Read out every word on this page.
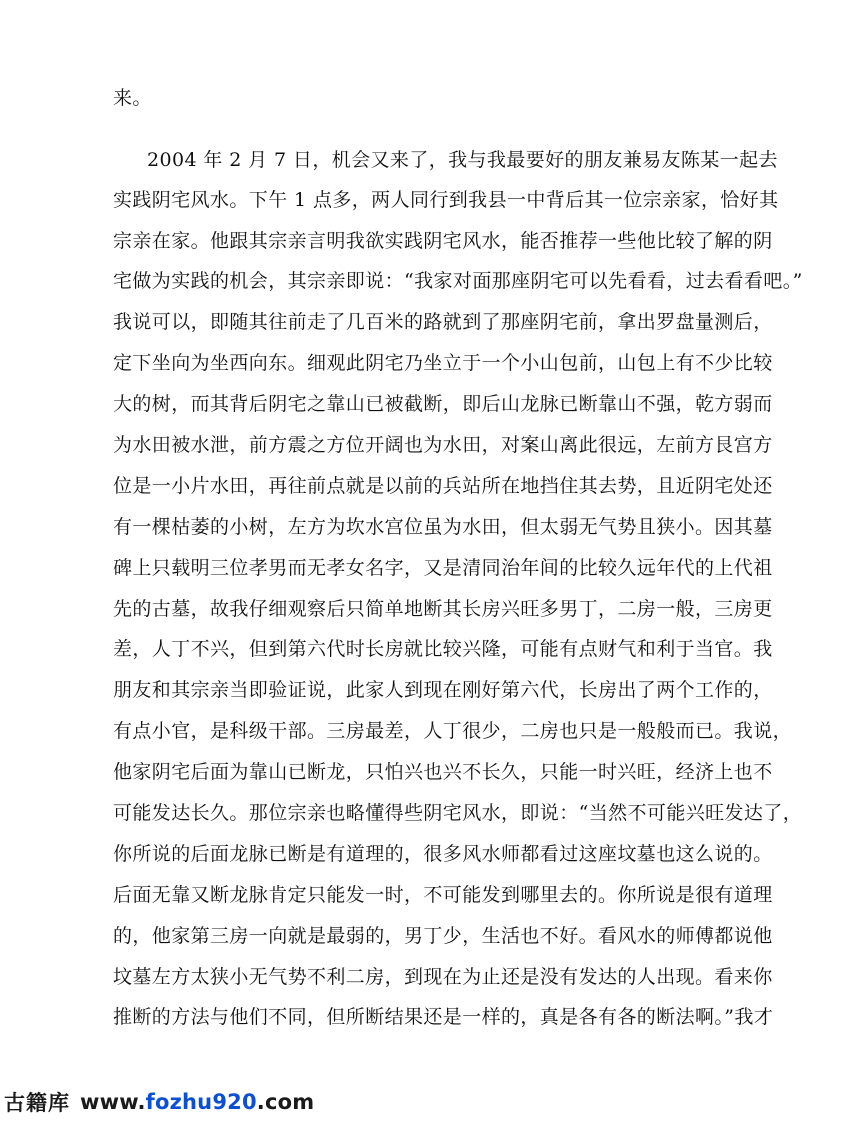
来。
2004 年 2 月 7 日，机会又来了，我与我最要好的朋友兼易友陈某一起去
实践阴宅风水。下午 1 点多，两人同行到我县一中背后其一位宗亲家，恰好其
宗亲在家。他跟其宗亲言明我欲实践阴宅风水，能否推荐一些他比较了解的阴
宅做为实践的机会，其宗亲即说：“我家对面那座阴宅可以先看看，过去看看吧。”
我说可以，即随其往前走了几百米的路就到了那座阴宅前，拿出罗盘量测后，
定下坐向为坐西向东。细观此阴宅乃坐立于一个小山包前，山包上有不少比较
大的树，而其背后阴宅之靠山已被截断，即后山龙脉已断靠山不强，乾方弱而
为水田被水泄，前方震之方位开阔也为水田，对案山离此很远，左前方艮宫方
位是一小片水田，再往前点就是以前的兵站所在地挡住其去势，且近阴宅处还
有一棵枯萎的小树，左方为坎水宫位虽为水田，但太弱无气势且狭小。因其墓
碑上只载明三位孝男而无孝女名字，又是清同治年间的比较久远年代的上代祖
先的古墓，故我仔细观察后只简单地断其长房兴旺多男丁，二房一般，三房更
差，人丁不兴，但到第六代时长房就比较兴隆，可能有点财气和利于当官。我
朋友和其宗亲当即验证说，此家人到现在刚好第六代，长房出了两个工作的，
有点小官，是科级干部。三房最差，人丁很少，二房也只是一般般而已。我说，
他家阴宅后面为靠山已断龙，只怕兴也兴不长久，只能一时兴旺，经济上也不
可能发达长久。那位宗亲也略懂得些阴宅风水，即说：“当然不可能兴旺发达了，
你所说的后面龙脉已断是有道理的，很多风水师都看过这座坟墓也这么说的。
后面无靠又断龙脉肯定只能发一时，不可能发到哪里去的。你所说是很有道理
的，他家第三房一向就是最弱的，男丁少，生活也不好。看风水的师傅都说他
坟墓左方太狭小无气势不利二房，到现在为止还是没有发达的人出现。看来你
推断的方法与他们不同，但所断结果还是一样的，真是各有各的断法啊。”我才
古籍库 www.fozhu920.com
